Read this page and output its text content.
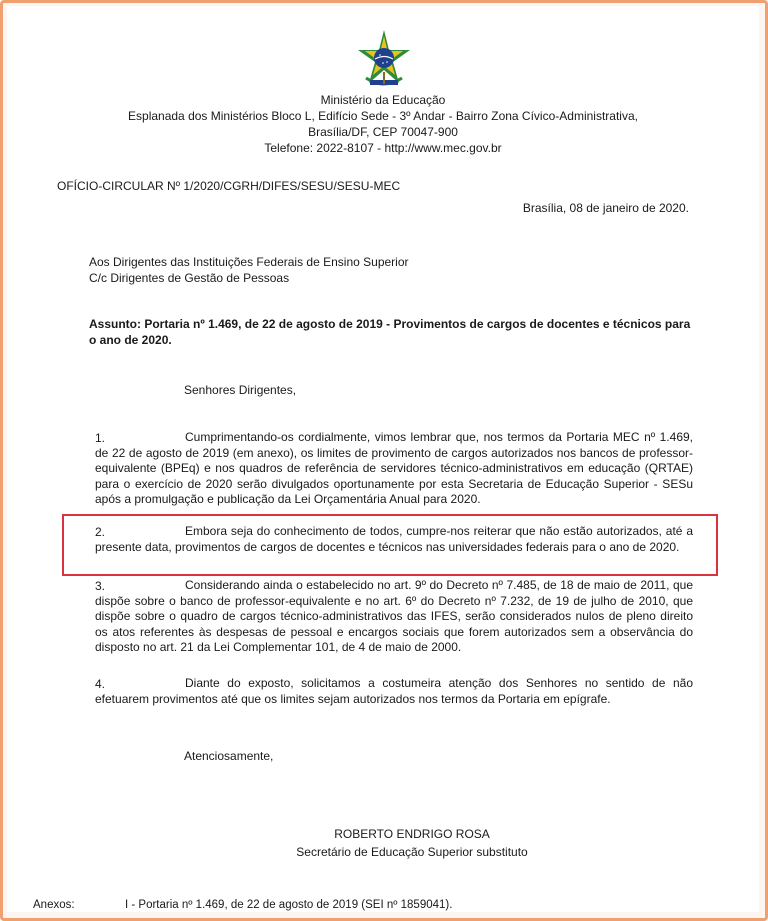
Ministério da Educação
Esplanada dos Ministérios Bloco L, Edifício Sede - 3º Andar - Bairro Zona Cívico-Administrativa,
Brasília/DF, CEP 70047-900
Telefone: 2022-8107 - http://www.mec.gov.br
OFÍCIO-CIRCULAR Nº 1/2020/CGRH/DIFES/SESU/SESU-MEC
Brasília, 08 de janeiro de 2020.
Aos Dirigentes das Instituições Federais de Ensino Superior
C/c Dirigentes de Gestão de Pessoas
Assunto: Portaria nº 1.469, de 22 de agosto de 2019 - Provimentos de cargos de docentes e técnicos para o ano de 2020.
Senhores Dirigentes,
1.	Cumprimentando-os cordialmente, vimos lembrar que, nos termos da Portaria MEC nº 1.469, de 22 de agosto de 2019 (em anexo), os limites de provimento de cargos autorizados nos bancos de professor-equivalente (BPEq) e nos quadros de referência de servidores técnico-administrativos em educação (QRTAE) para o exercício de 2020 serão divulgados oportunamente por esta Secretaria de Educação Superior - SESu após a promulgação e publicação da Lei Orçamentária Anual para 2020.
2.	Embora seja do conhecimento de todos, cumpre-nos reiterar que não estão autorizados, até a presente data, provimentos de cargos de docentes e técnicos nas universidades federais para o ano de 2020.
3.	Considerando ainda o estabelecido no art. 9º do Decreto nº 7.485, de 18 de maio de 2011, que dispõe sobre o banco de professor-equivalente e no art. 6º do Decreto nº 7.232, de 19 de julho de 2010, que dispõe sobre o quadro de cargos técnico-administrativos das IFES, serão considerados nulos de pleno direito os atos referentes às despesas de pessoal e encargos sociais que forem autorizados sem a observância do disposto no art. 21 da Lei Complementar 101, de 4 de maio de 2000.
4.	Diante do exposto, solicitamos a costumeira atenção dos Senhores no sentido de não efetuarem provimentos até que os limites sejam autorizados nos termos da Portaria em epígrafe.
Atenciosamente,
ROBERTO ENDRIGO ROSA
Secretário de Educação Superior substituto
Anexos:	I - Portaria nº 1.469, de 22 de agosto de 2019 (SEI nº 1859041).
